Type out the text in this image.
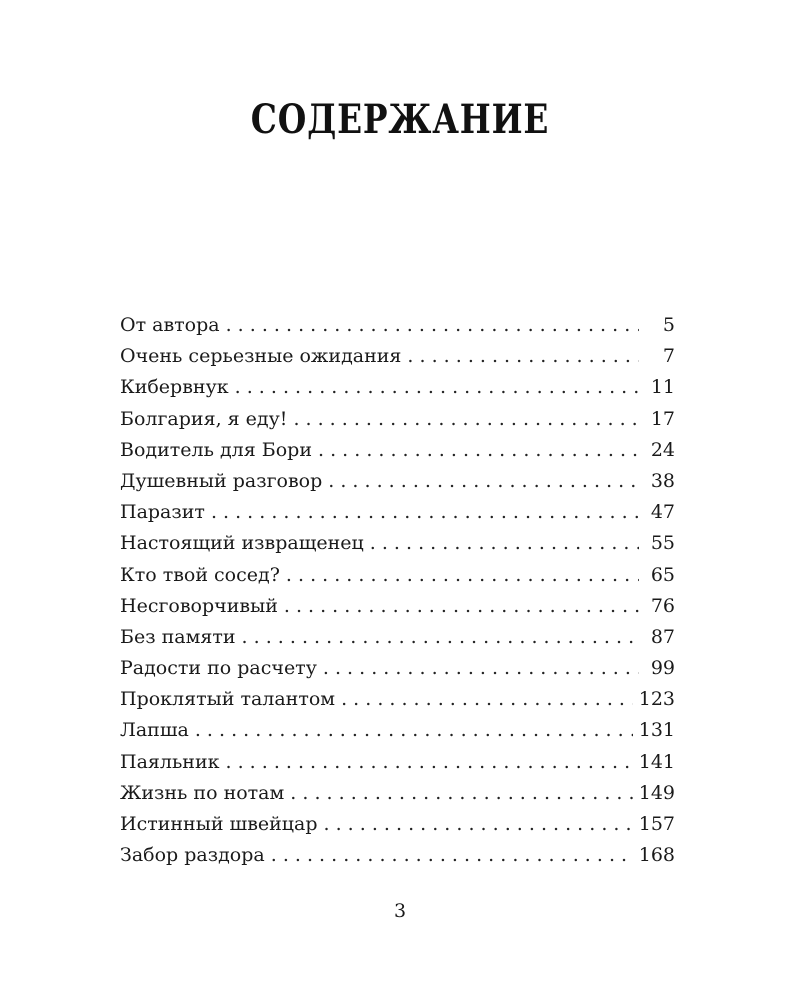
СОДЕРЖАНИЕ
От автора . . .	5
Очень серьезные ожидания . . .	7
Кибервнук . . .	11
Болгария, я еду! . . .	17
Водитель для Бори . . .	24
Душевный разговор . . .	38
Паразит . . .	47
Настоящий извращенец . . .	55
Кто твой сосед? . . .	65
Несговорчивый . . .	76
Без памяти . . .	87
Радости по расчету . . .	99
Проклятый талантом . . .	123
Лапша . . .	131
Паяльник . . .	141
Жизнь по нотам . . .	149
Истинный швейцар . . .	157
Забор раздора . . .	168
3
